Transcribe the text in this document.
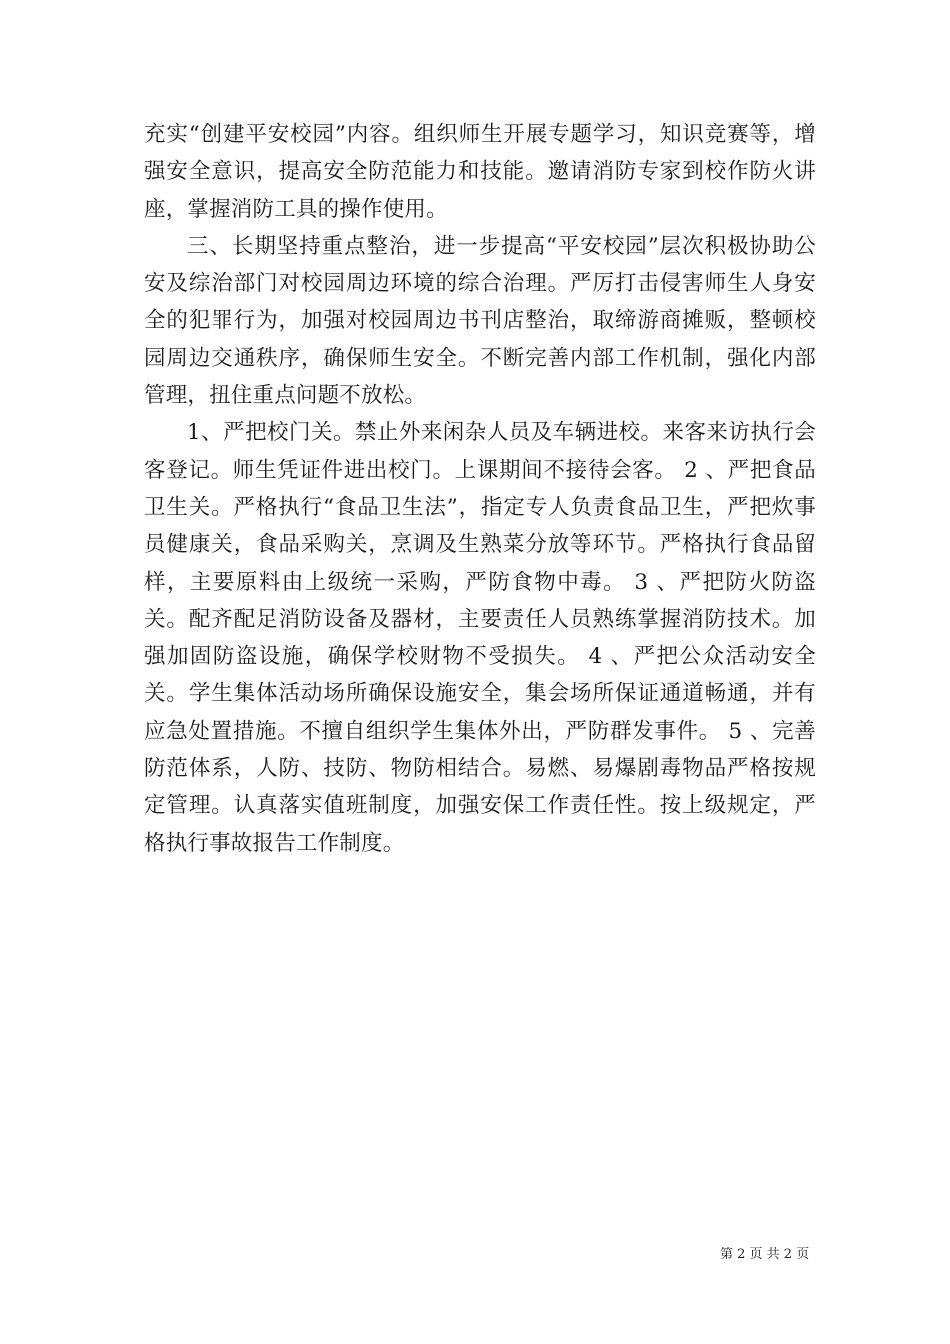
充实“创建平安校园”内容。组织师生开展专题学习，知识竞赛等，增强安全意识，提高安全防范能力和技能。邀请消防专家到校作防火讲座，掌握消防工具的操作使用。

三、长期坚持重点整治，进一步提高“平安校园”层次积极协助公安及综治部门对校园周边环境的综合治理。严厉打击侵害师生人身安全的犯罪行为，加强对校园周边书刊店整治，取缔游商摊贩，整顿校园周边交通秩序，确保师生安全。不断完善内部工作机制，强化内部管理，扭住重点问题不放松。

1、严把校门关。禁止外来闲杂人员及车辆进校。来客来访执行会客登记。师生凭证件进出校门。上课期间不接待会客。 2 、严把食品卫生关。严格执行“食品卫生法”，指定专人负责食品卫生，严把炊事员健康关，食品采购关，烹调及生熟菜分放等环节。严格执行食品留样，主要原料由上级统一采购，严防食物中毒。 3 、严把防火防盗关。配齐配足消防设备及器材，主要责任人员熟练掌握消防技术。加强加固防盗设施，确保学校财物不受损失。 4 、严把公众活动安全关。学生集体活动场所确保设施安全，集会场所保证通道畅通，并有应急处置措施。不擅自组织学生集体外出，严防群发事件。 5 、完善防范体系，人防、技防、物防相结合。易燃、易爆剧毒物品严格按规定管理。认真落实值班制度，加强安保工作责任性。按上级规定，严格执行事故报告工作制度。

第 2 页 共 2 页
